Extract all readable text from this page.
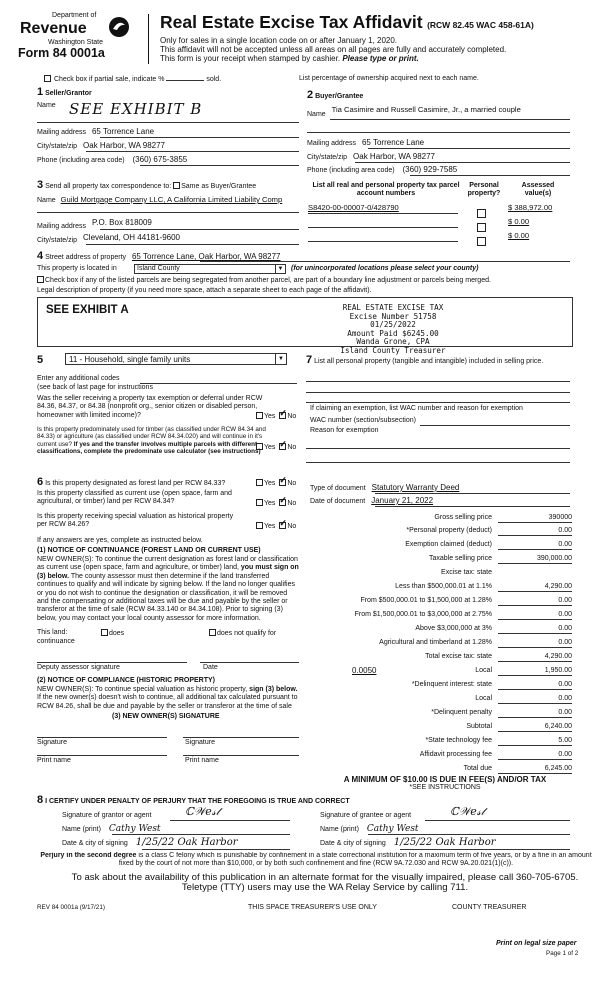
Department of
Revenue
Washington State
Form 84 0001a
Real Estate Excise Tax Affidavit (RCW 82.45 WAC 458-61A)
Only for sales in a single location code on or after January 1, 2020.
This affidavit will not be accepted unless all areas on all pages are fully and accurately completed.
This form is your receipt when stamped by cashier. Please type or print.
Check box if partial sale, indicate %	sold.	List percentage of ownership acquired next to each name.
1 Seller/Grantor
Name SEE EXHIBIT B
Mailing address 65 Torrence Lane
City/state/zip Oak Harbor, WA 98277
Phone (including area code) (360) 675-3855
2 Buyer/Grantee
Name Tia Casimire and Russell Casimire, Jr., a married couple
Mailing address 65 Torrence Lane
City/state/zip Oak Harbor, WA 98277
Phone (including area code) (360) 929-7585
3 Send all property tax correspondence to: Same as Buyer/Grantee
Name Guild Mortgage Company LLC, A California Limited Liability Comp
Mailing address P.O. Box 818009
City/state/zip Cleveland, OH 44181-9600
List all real and personal property tax parcel account numbers
Personal property?
Assessed value(s)
S8420-00-00007-0/428790	$ 388,972.00
$ 0.00
$ 0.00
4 Street address of property 65 Torrence Lane, Oak Harbor, WA 98277
This property is located in	Island County	▼ (for unincorporated locations please select your county)
Check box if any of the listed parcels are being segregated from another parcel, are part of a boundary line adjustment or parcels being merged.
Legal description of property (if you need more space, attach a separate sheet to each page of the affidavit).
SEE EXHIBIT A	REAL ESTATE EXCISE TAX
Excise Number 51758
01/25/2022
Amount Paid $6245.00
Wanda Grone, CPA
Island County Treasurer
5	11 - Household, single family units	▼ 7 List all personal property (tangible and intangible) included in selling price.
Enter any additional codes
(see back of last page for instructions
Was the seller receiving a property tax exemption or deferral under RCW 84.36, 84.37, or 84.38 (nonprofit org., senior citizen or disabled person, homeowner with limited income)?	Yes ✓ No
Is this property predominately used for timber (as classified under RCW 84.34 and 84.33) or agriculture (as classified under RCW 84.34.020) and will continue in it's current use? If yes and the transfer involves multiple parcels with different classifications, complete the predominate use calculator (see instructions)
Yes ✓ No
If claiming an exemption, list WAC number and reason for exemption
WAC number (section/subsection)
Reason for exemption
6 Is this property designated as forest land per RCW 84.33?	Yes ✓ No
Is this property classified as current use (open space, farm and agricultural, or timber) land per RCW 84.34?	Yes ✓ No
Is this property receiving special valuation as historical property per RCW 84.26?	Yes ✓ No
If any answers are yes, complete as instructed below.
(1) NOTICE OF CONTINUANCE (FOREST LAND OR CURRENT USE)
NEW OWNER(S): To continue the current designation as forest land or classification as current use (open space, farm and agriculture, or timber) land, you must sign on (3) below. The county assessor must then determine if the land transferred continues to qualify and will indicate by signing below. If the land no longer qualifies or you do not wish to continue the designation or classification, it will be removed and the compensating or additional taxes will be due and payable by the seller or transferor at the time of sale (RCW 84.33.140 or 84.34.108). Prior to signing (3) below, you may contact your local county assessor for more information.
This land:	does	does not qualify for
continuance
Deputy assessor signature	Date
(2) NOTICE OF COMPLIANCE (HISTORIC PROPERTY)
NEW OWNER(S): To continue special valuation as historic property, sign (3) below. If the new owner(s) doesn't wish to continue, all additional tax calculated pursuant to RCW 84.26, shall be due and payable by the seller or transferor at the time of sale
(3) NEW OWNER(S) SIGNATURE
Signature	Signature
Print name	Print name
Type of document Statutory Warranty Deed
Date of document January 21, 2022
Gross selling price	390000
*Personal property (deduct)	0.00
Exemption claimed (deduct)	0.00
Taxable selling price	390,000.00
Excise tax: state
Less than $500,000.01 at 1.1%	4,290.00
From $500,000.01 to $1,500,000 at 1.28%	0.00
From $1,500,000.01 to $3,000,000 at 2.75%	0.00
Above $3,000,000 at 3%	0.00
Agricultural and timberland at 1.28%	0.00
Total excise tax: state	4,290.00
0.0050	Local	1,950.00
*Delinquent interest: state	0.00
Local	0.00
*Delinquent penalty	0.00
Subtotal	6,240.00
*State technology fee	5.00
Affidavit processing fee	0.00
Total due	6,245.00
A MINIMUM OF $10.00 IS DUE IN FEE(S) AND/OR TAX
*SEE INSTRUCTIONS
8 I CERTIFY UNDER PENALTY OF PERJURY THAT THE FOREGOING IS TRUE AND CORRECT
Signature of grantor or agent	ℂ𝒲𝑒𝓈𝓉
Name (print) Cathy West
Date & city of signing 1/25/22 Oak Harbor
Signature of grantee or agent	ℂ𝒲𝑒𝓈𝓉
Name (print) Cathy West
Date & city of signing 1/25/22 Oak Harbor
Perjury in the second degree is a class C felony which is punishable by confinement in a state correctional institution for a maximum term of five years, or by a fine in an amount fixed by the court of not more than $10,000, or by both such confinement and fine (RCW 9A.72.030 and RCW 9A.20.021(1)(c)).
To ask about the availability of this publication in an alternate format for the visually impaired, please call 360-705-6705. Teletype (TTY) users may use the WA Relay Service by calling 711.
REV 84 0001a (9/17/21)	THIS SPACE TREASURER'S USE ONLY	COUNTY TREASURER
Print on legal size paper
Page 1 of 2
